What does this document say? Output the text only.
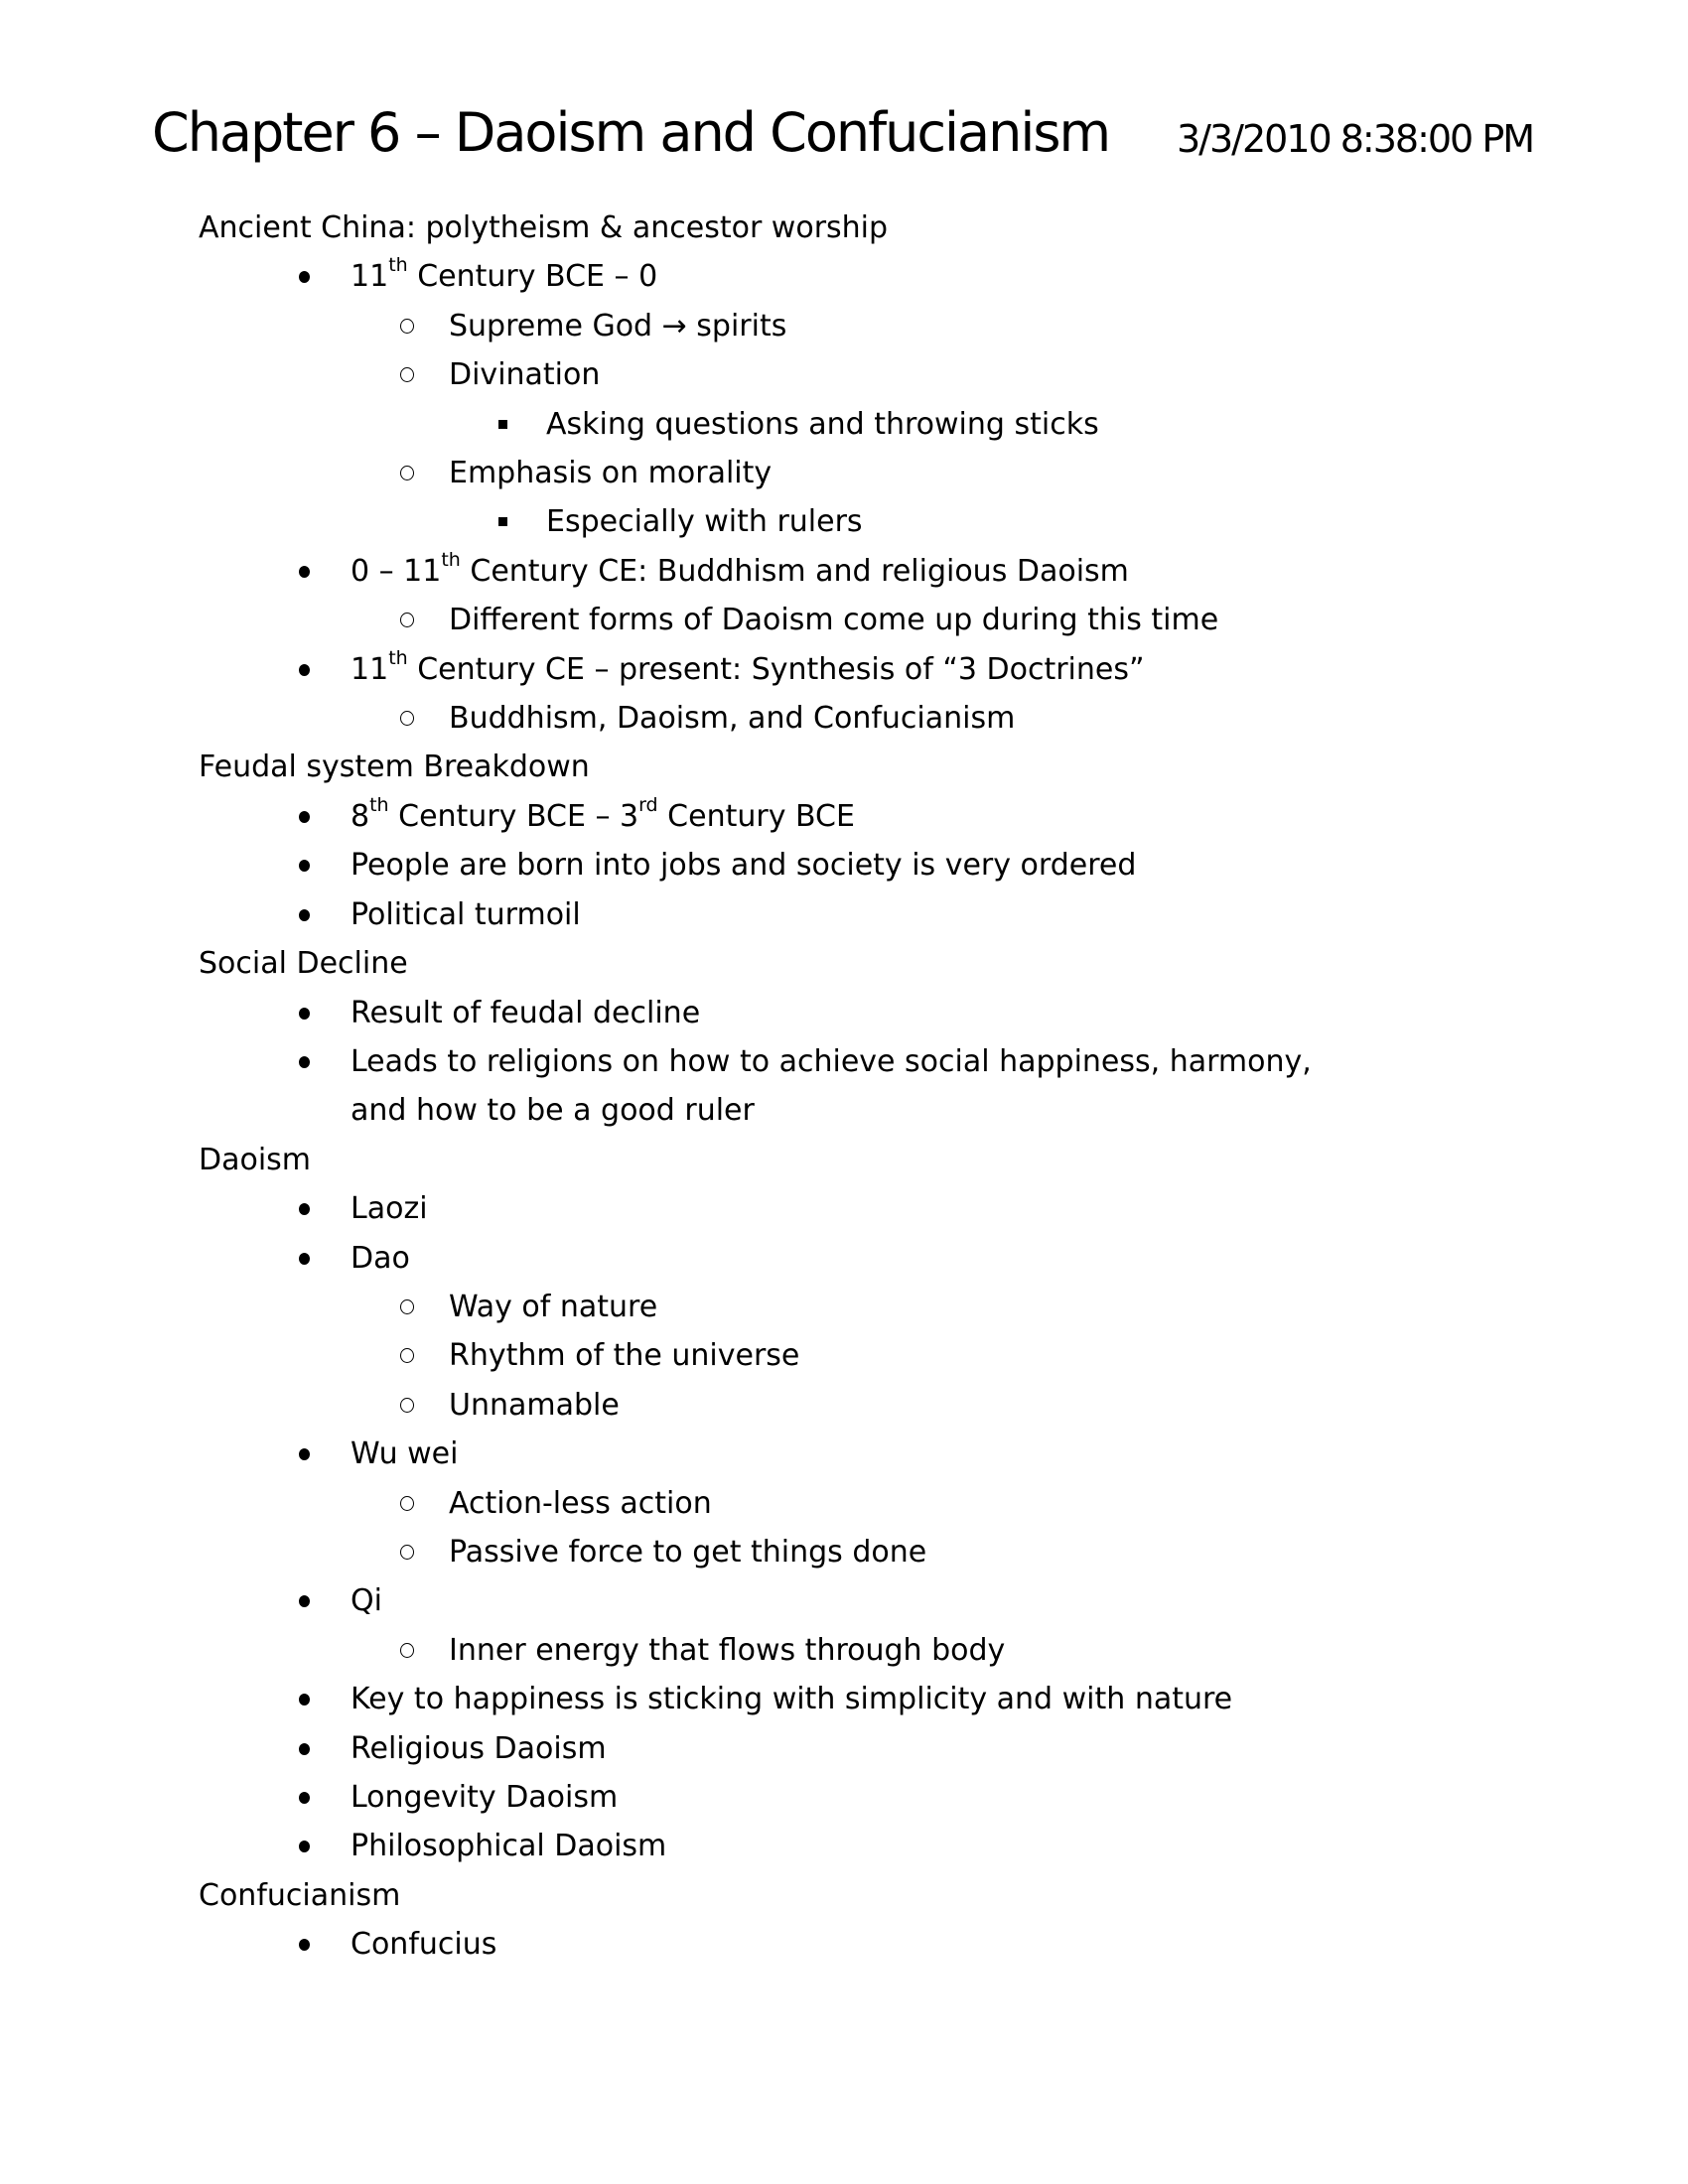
Chapter 6 – Daoism and Confucianism 3/3/2010 8:38:00 PM
Ancient China: polytheism & ancestor worship
11th Century BCE – 0
Supreme God → spirits
Divination
Asking questions and throwing sticks
Emphasis on morality
Especially with rulers
0 – 11th Century CE: Buddhism and religious Daoism
Different forms of Daoism come up during this time
11th Century CE – present: Synthesis of “3 Doctrines”
Buddhism, Daoism, and Confucianism
Feudal system Breakdown
8th Century BCE – 3rd Century BCE
People are born into jobs and society is very ordered
Political turmoil
Social Decline
Result of feudal decline
Leads to religions on how to achieve social happiness, harmony,
and how to be a good ruler
Daoism
Laozi
Dao
Way of nature
Rhythm of the universe
Unnamable
Wu wei
Action-less action
Passive force to get things done
Qi
Inner energy that flows through body
Key to happiness is sticking with simplicity and with nature
Religious Daoism
Longevity Daoism
Philosophical Daoism
Confucianism
Confucius
